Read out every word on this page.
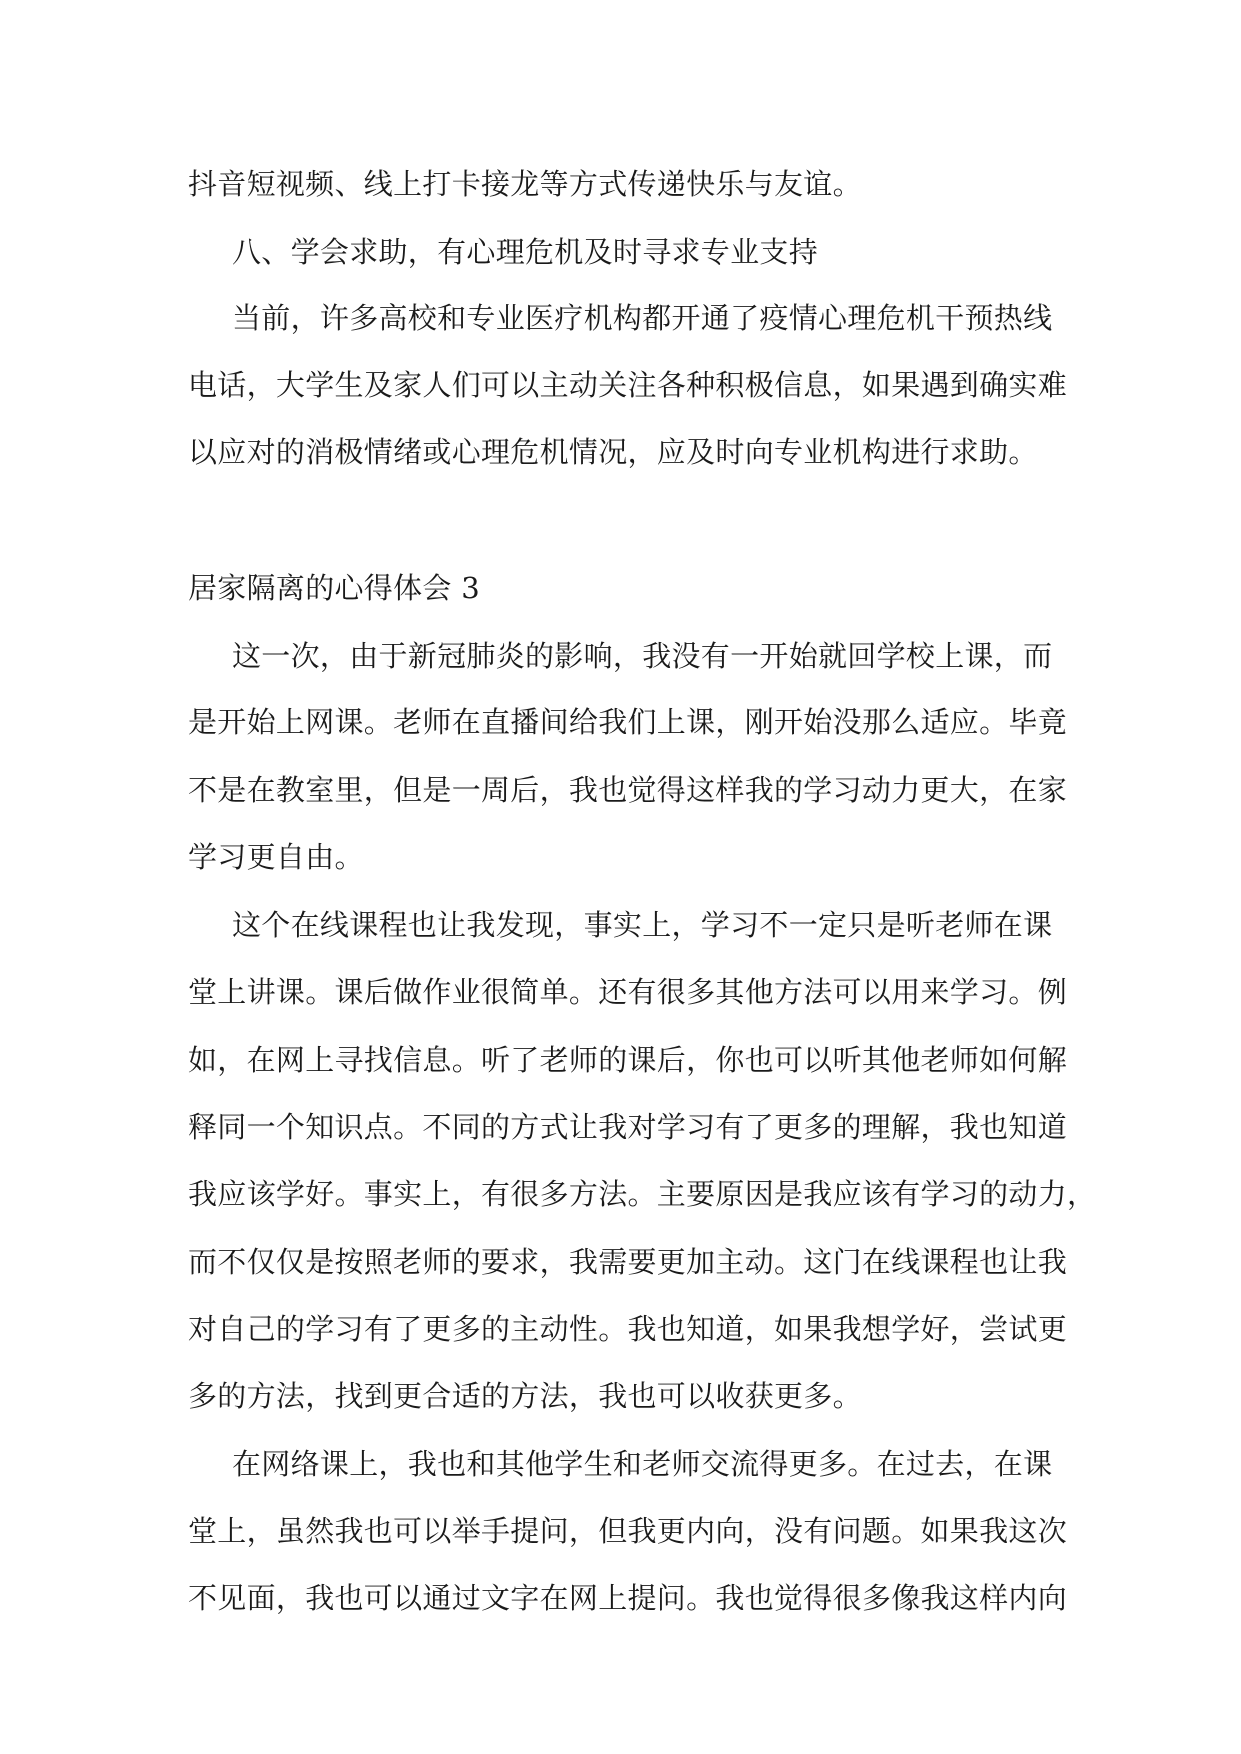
抖音短视频、线上打卡接龙等方式传递快乐与友谊。
八、学会求助，有心理危机及时寻求专业支持
当前，许多高校和专业医疗机构都开通了疫情心理危机干预热线
电话，大学生及家人们可以主动关注各种积极信息，如果遇到确实难
以应对的消极情绪或心理危机情况，应及时向专业机构进行求助。
居家隔离的心得体会 3
这一次，由于新冠肺炎的影响，我没有一开始就回学校上课，而
是开始上网课。老师在直播间给我们上课，刚开始没那么适应。毕竟
不是在教室里，但是一周后，我也觉得这样我的学习动力更大，在家
学习更自由。
这个在线课程也让我发现，事实上，学习不一定只是听老师在课
堂上讲课。课后做作业很简单。还有很多其他方法可以用来学习。例
如，在网上寻找信息。听了老师的课后，你也可以听其他老师如何解
释同一个知识点。不同的方式让我对学习有了更多的理解，我也知道
我应该学好。事实上，有很多方法。主要原因是我应该有学习的动力，
而不仅仅是按照老师的要求，我需要更加主动。这门在线课程也让我
对自己的学习有了更多的主动性。我也知道，如果我想学好，尝试更
多的方法，找到更合适的方法，我也可以收获更多。
在网络课上，我也和其他学生和老师交流得更多。在过去，在课
堂上，虽然我也可以举手提问，但我更内向，没有问题。如果我这次
不见面，我也可以通过文字在网上提问。我也觉得很多像我这样内向
